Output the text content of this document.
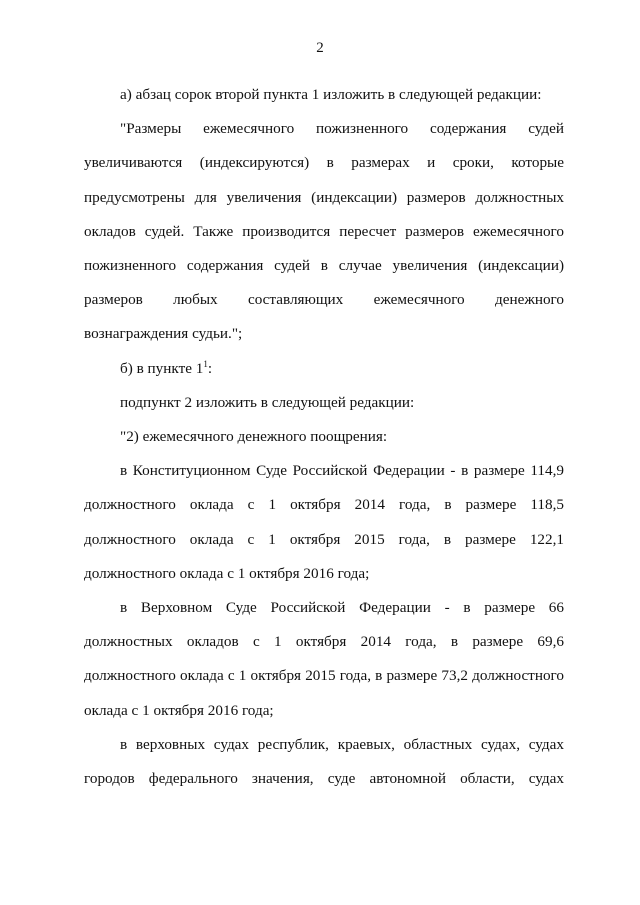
2

а) абзац сорок второй пункта 1 изложить в следующей редакции:

"Размеры ежемесячного пожизненного содержания судей увеличиваются (индексируются) в размерах и сроки, которые предусмотрены для увеличения (индексации) размеров должностных окладов судей. Также производится пересчет размеров ежемесячного пожизненного содержания судей в случае увеличения (индексации) размеров любых составляющих ежемесячного денежного вознаграждения судьи.";

б) в пункте $1^1$:

подпункт 2 изложить в следующей редакции:

"2) ежемесячного денежного поощрения:

в Конституционном Суде Российской Федерации - в размере 114,9 должностного оклада с 1 октября 2014 года, в размере 118,5 должностного оклада с 1 октября 2015 года, в размере 122,1 должностного оклада с 1 октября 2016 года;

в Верховном Суде Российской Федерации - в размере 66 должностных окладов с 1 октября 2014 года, в размере 69,6 должностного оклада с 1 октября 2015 года, в размере 73,2 должностного оклада с 1 октября 2016 года;

в верховных судах республик, краевых, областных судах, судах городов федерального значения, суде автономной области, судах
